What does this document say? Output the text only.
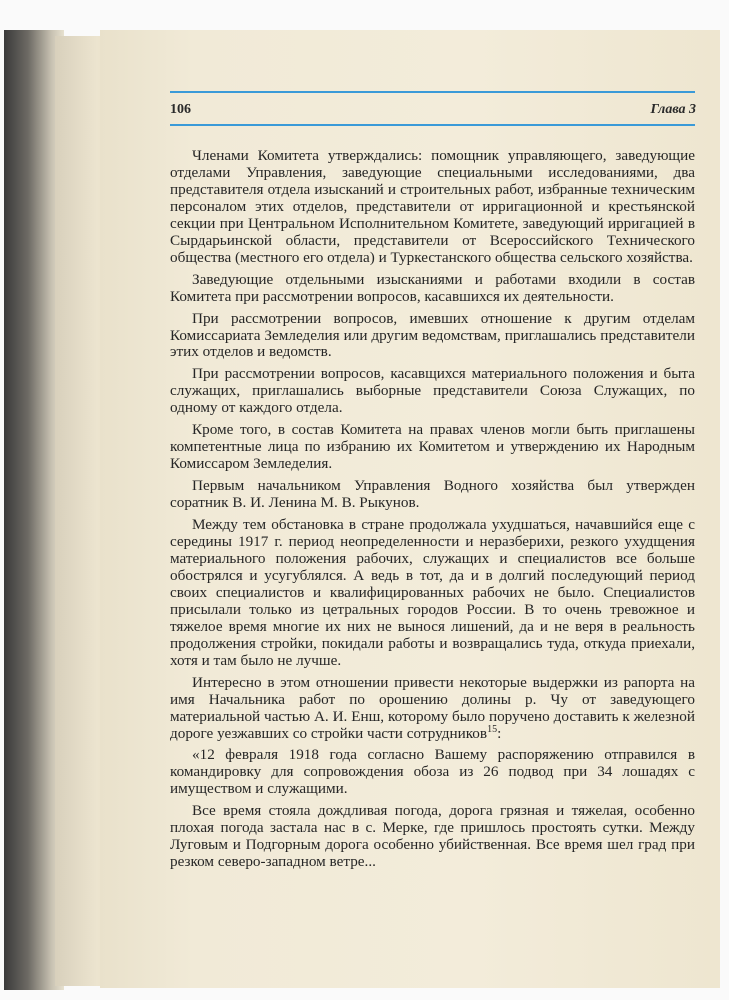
106	Глава 3

Членами Комитета утверждались: помощник управляющего, заведующие отделами Управления, заведующие специальными исследованиями, два представителя отдела изысканий и строительных работ, избранные техническим персоналом этих отделов, представители от ирригационной и крестьянской секции при Центральном Исполнительном Комитете, заведующий ирригацией в Сырдарьинской области, представители от Всероссийского Технического общества (местного его отдела) и Туркестанского общества сельского хозяйства.

Заведующие отдельными изысканиями и работами входили в состав Комитета при рассмотрении вопросов, касавшихся их деятельности.

При рассмотрении вопросов, имевших отношение к другим отделам Комиссариата Земледелия или другим ведомствам, приглашались представители этих отделов и ведомств.

При рассмотрении вопросов, касавщихся материального положения и быта служащих, приглашались выборные представители Союза Служащих, по одному от каждого отдела.

Кроме того, в состав Комитета на правах членов могли быть приглашены компетентные лица по избранию их Комитетом и утверждению их Народным Комиссаром Земледелия.

Первым начальником Управления Водного хозяйства был утвержден соратник В. И. Ленина М. В. Рыкунов.

Между тем обстановка в стране продолжала ухудшаться, начавшийся еще с середины 1917 г. период неопределенности и неразберихи, резкого ухудщения материального положения рабочих, служащих и специалистов все больше обострялся и усугублялся. А ведь в тот, да и в долгий последующий период своих специалистов и квалифицированных рабочих не было. Специалистов присылали только из цетральных городов России. В то очень тревожное и тяжелое время многие их них не вынося лишений, да и не веря в реальность продолжения стройки, покидали работы и возвращались туда, откуда приехали, хотя и там было не лучше.

Интересно в этом отношении привести некоторые выдержки из рапорта на имя Начальника работ по орошению долины р. Чу от заведующего материальной частью А. И. Енш, которому было поручено доставить к железной дороге уезжавших со стройки части сотрудников$^{15}$:

«12 февраля 1918 года согласно Вашему распоряжению отправился в командировку для сопровождения обоза из 26 подвод при 34 лошадях с имуществом и служащими.

Все время стояла дождливая погода, дорога грязная и тяжелая, особенно плохая погода застала нас в с. Мерке, где пришлось простоять сутки. Между Луговым и Подгорным дорога особенно убийственная. Все время шел град при резком северо-западном ветре...
